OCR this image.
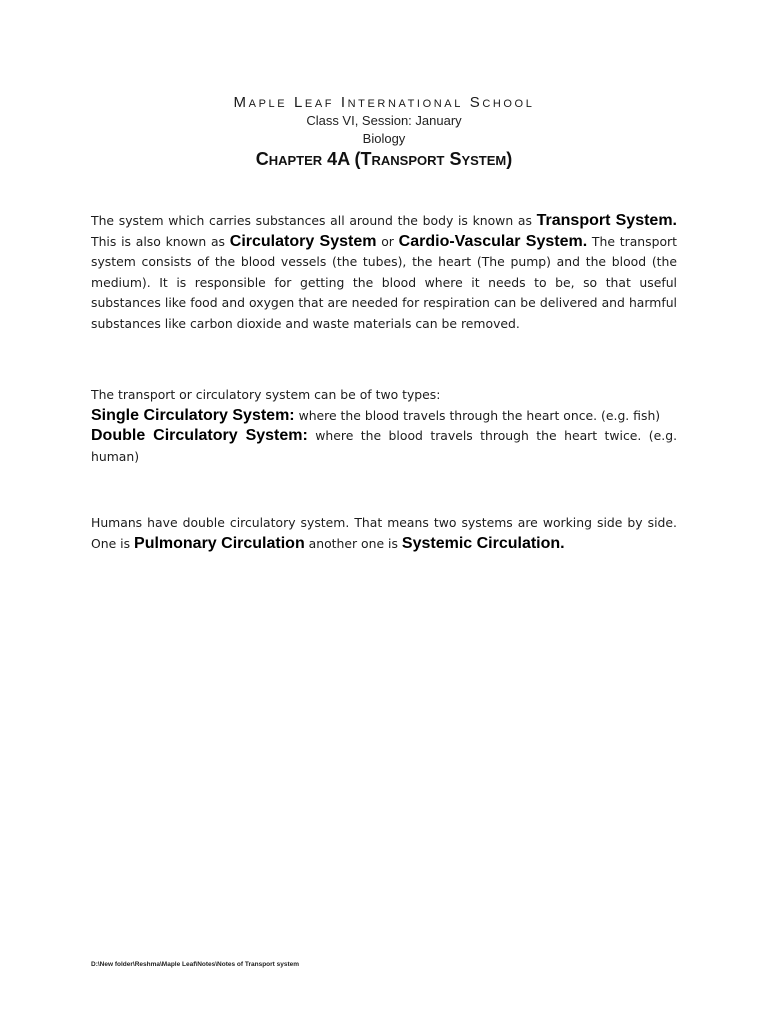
Maple Leaf International School
Class VI, Session: January
Biology
Chapter 4A (Transport System)

The system which carries substances all around the body is known as Transport System. This is also known as Circulatory System or Cardio-Vascular System. The transport system consists of the blood vessels (the tubes), the heart (The pump) and the blood (the medium). It is responsible for getting the blood where it needs to be, so that useful substances like food and oxygen that are needed for respiration can be delivered and harmful substances like carbon dioxide and waste materials can be removed.

The transport or circulatory system can be of two types:

Single Circulatory System: where the blood travels through the heart once. (e.g. fish)

Double Circulatory System: where the blood travels through the heart twice. (e.g. human)

Humans have double circulatory system. That means two systems are working side by side. One is Pulmonary Circulation another one is Systemic Circulation.

D:\New folder\Reshma\Maple Leaf\Notes\Notes of Transport system
